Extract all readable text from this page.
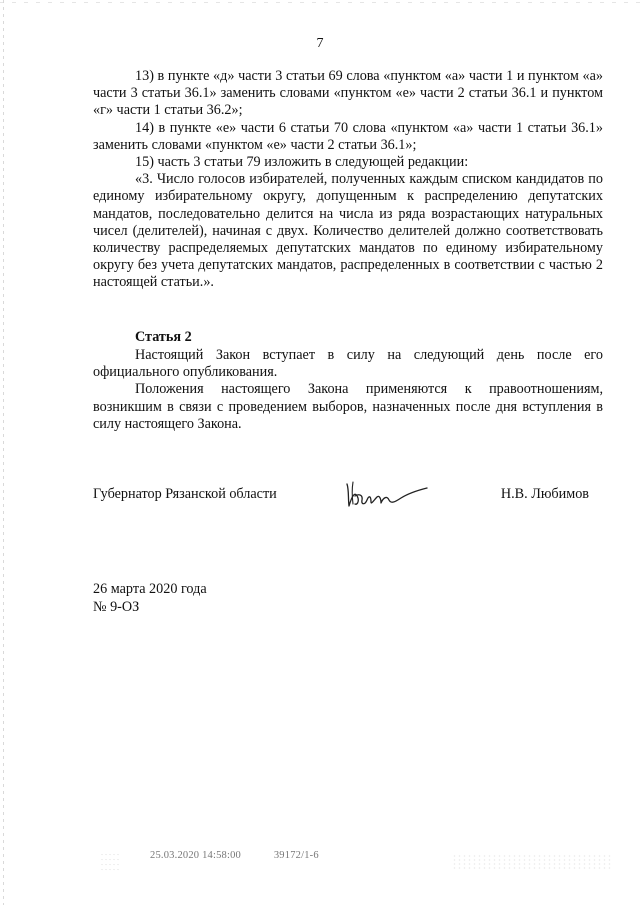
7

13) в пункте «д» части 3 статьи 69 слова «пунктом «а» части 1 и пунктом «а» части 3 статьи 36.1» заменить словами «пунктом «е» части 2 статьи 36.1 и пунктом «г» части 1 статьи 36.2»;

14) в пункте «е» части 6 статьи 70 слова «пунктом «а» части 1 статьи 36.1» заменить словами «пунктом «е» части 2 статьи 36.1»;

15) часть 3 статьи 79 изложить в следующей редакции:

«3. Число голосов избирателей, полученных каждым списком кандидатов по единому избирательному округу, допущенным к распределению депутатских мандатов, последовательно делится на числа из ряда возрастающих натуральных чисел (делителей), начиная с двух. Количество делителей должно соответствовать количеству распределяемых депутатских мандатов по единому избирательному округу без учета депутатских мандатов, распределенных в соответствии с частью 2 настоящей статьи.».

Статья 2

Настоящий Закон вступает в силу на следующий день после его официального опубликования.

Положения настоящего Закона применяются к правоотношениям, возникшим в связи с проведением выборов, назначенных после дня вступления в силу настоящего Закона.

Губернатор Рязанской области	Н.В. Любимов
26 марта 2020 года
№ 9-ОЗ
25.03.2020 14:58:00	39172/1-6
